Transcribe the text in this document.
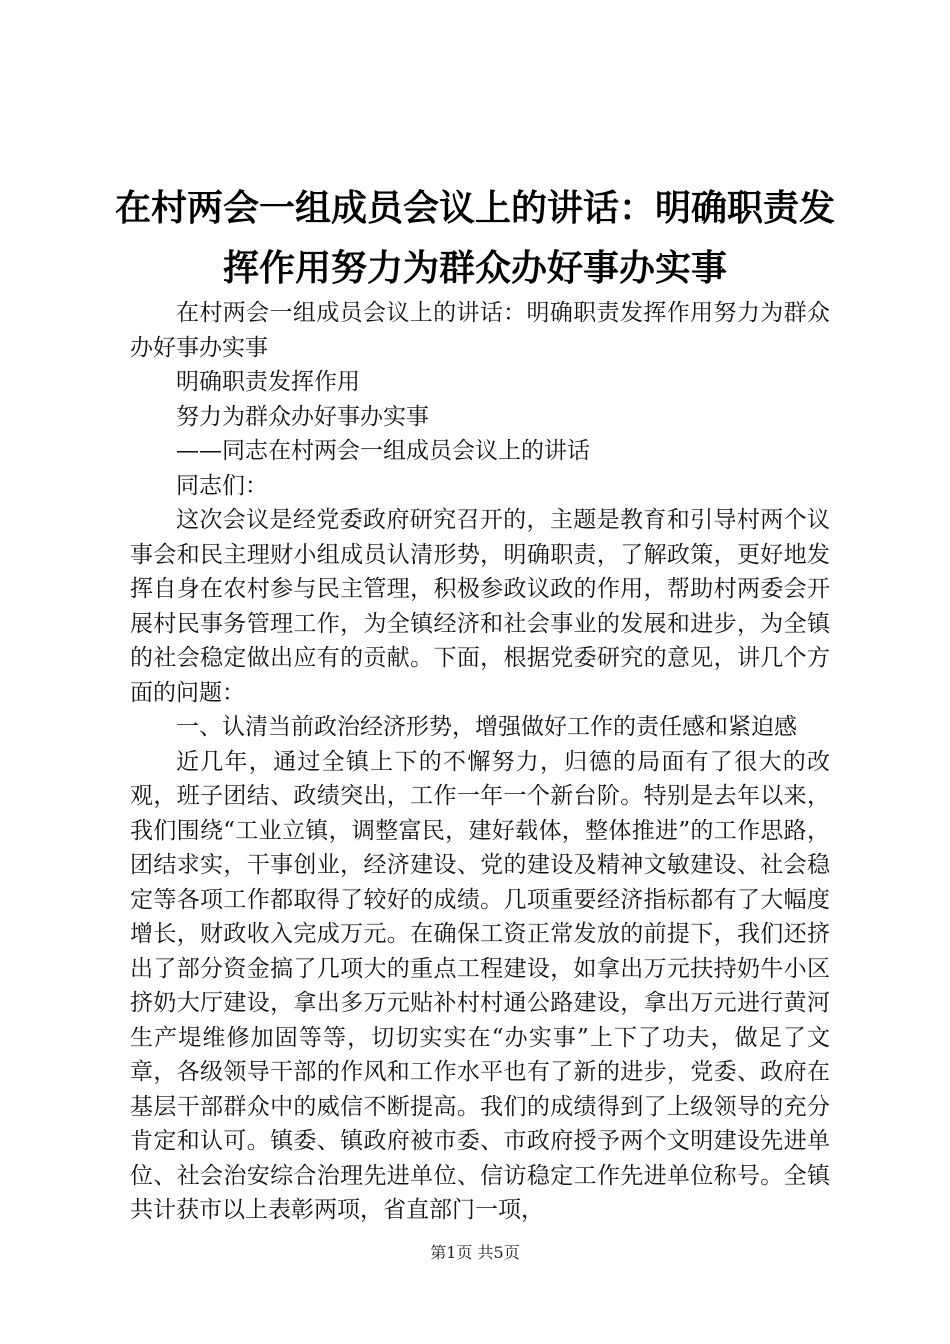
在村两会一组成员会议上的讲话：明确职责发
挥作用努力为群众办好事办实事

在村两会一组成员会议上的讲话：明确职责发挥作用努力为群众办好事办实事

明确职责发挥作用

努力为群众办好事办实事

——同志在村两会一组成员会议上的讲话

同志们：

这次会议是经党委政府研究召开的，主题是教育和引导村两个议事会和民主理财小组成员认清形势，明确职责，了解政策，更好地发挥自身在农村参与民主管理，积极参政议政的作用，帮助村两委会开展村民事务管理工作，为全镇经济和社会事业的发展和进步，为全镇的社会稳定做出应有的贡献。下面，根据党委研究的意见，讲几个方面的问题：

一、认清当前政治经济形势，增强做好工作的责任感和紧迫感

近几年，通过全镇上下的不懈努力，归德的局面有了很大的改观，班子团结、政绩突出，工作一年一个新台阶。特别是去年以来，我们围绕“工业立镇，调整富民，建好载体，整体推进”的工作思路，团结求实，干事创业，经济建设、党的建设及精神文敏建设、社会稳定等各项工作都取得了较好的成绩。几项重要经济指标都有了大幅度增长，财政收入完成万元。在确保工资正常发放的前提下，我们还挤出了部分资金搞了几项大的重点工程建设，如拿出万元扶持奶牛小区挤奶大厅建设，拿出多万元贴补村村通公路建设，拿出万元进行黄河生产堤维修加固等等，切切实实在“办实事”上下了功夫，做足了文章，各级领导干部的作风和工作水平也有了新的进步，党委、政府在基层干部群众中的威信不断提高。我们的成绩得到了上级领导的充分肯定和认可。镇委、镇政府被市委、市政府授予两个文明建设先进单位、社会治安综合治理先进单位、信访稳定工作先进单位称号。全镇共计获市以上表彰两项，省直部门一项，

第1页 共5页
